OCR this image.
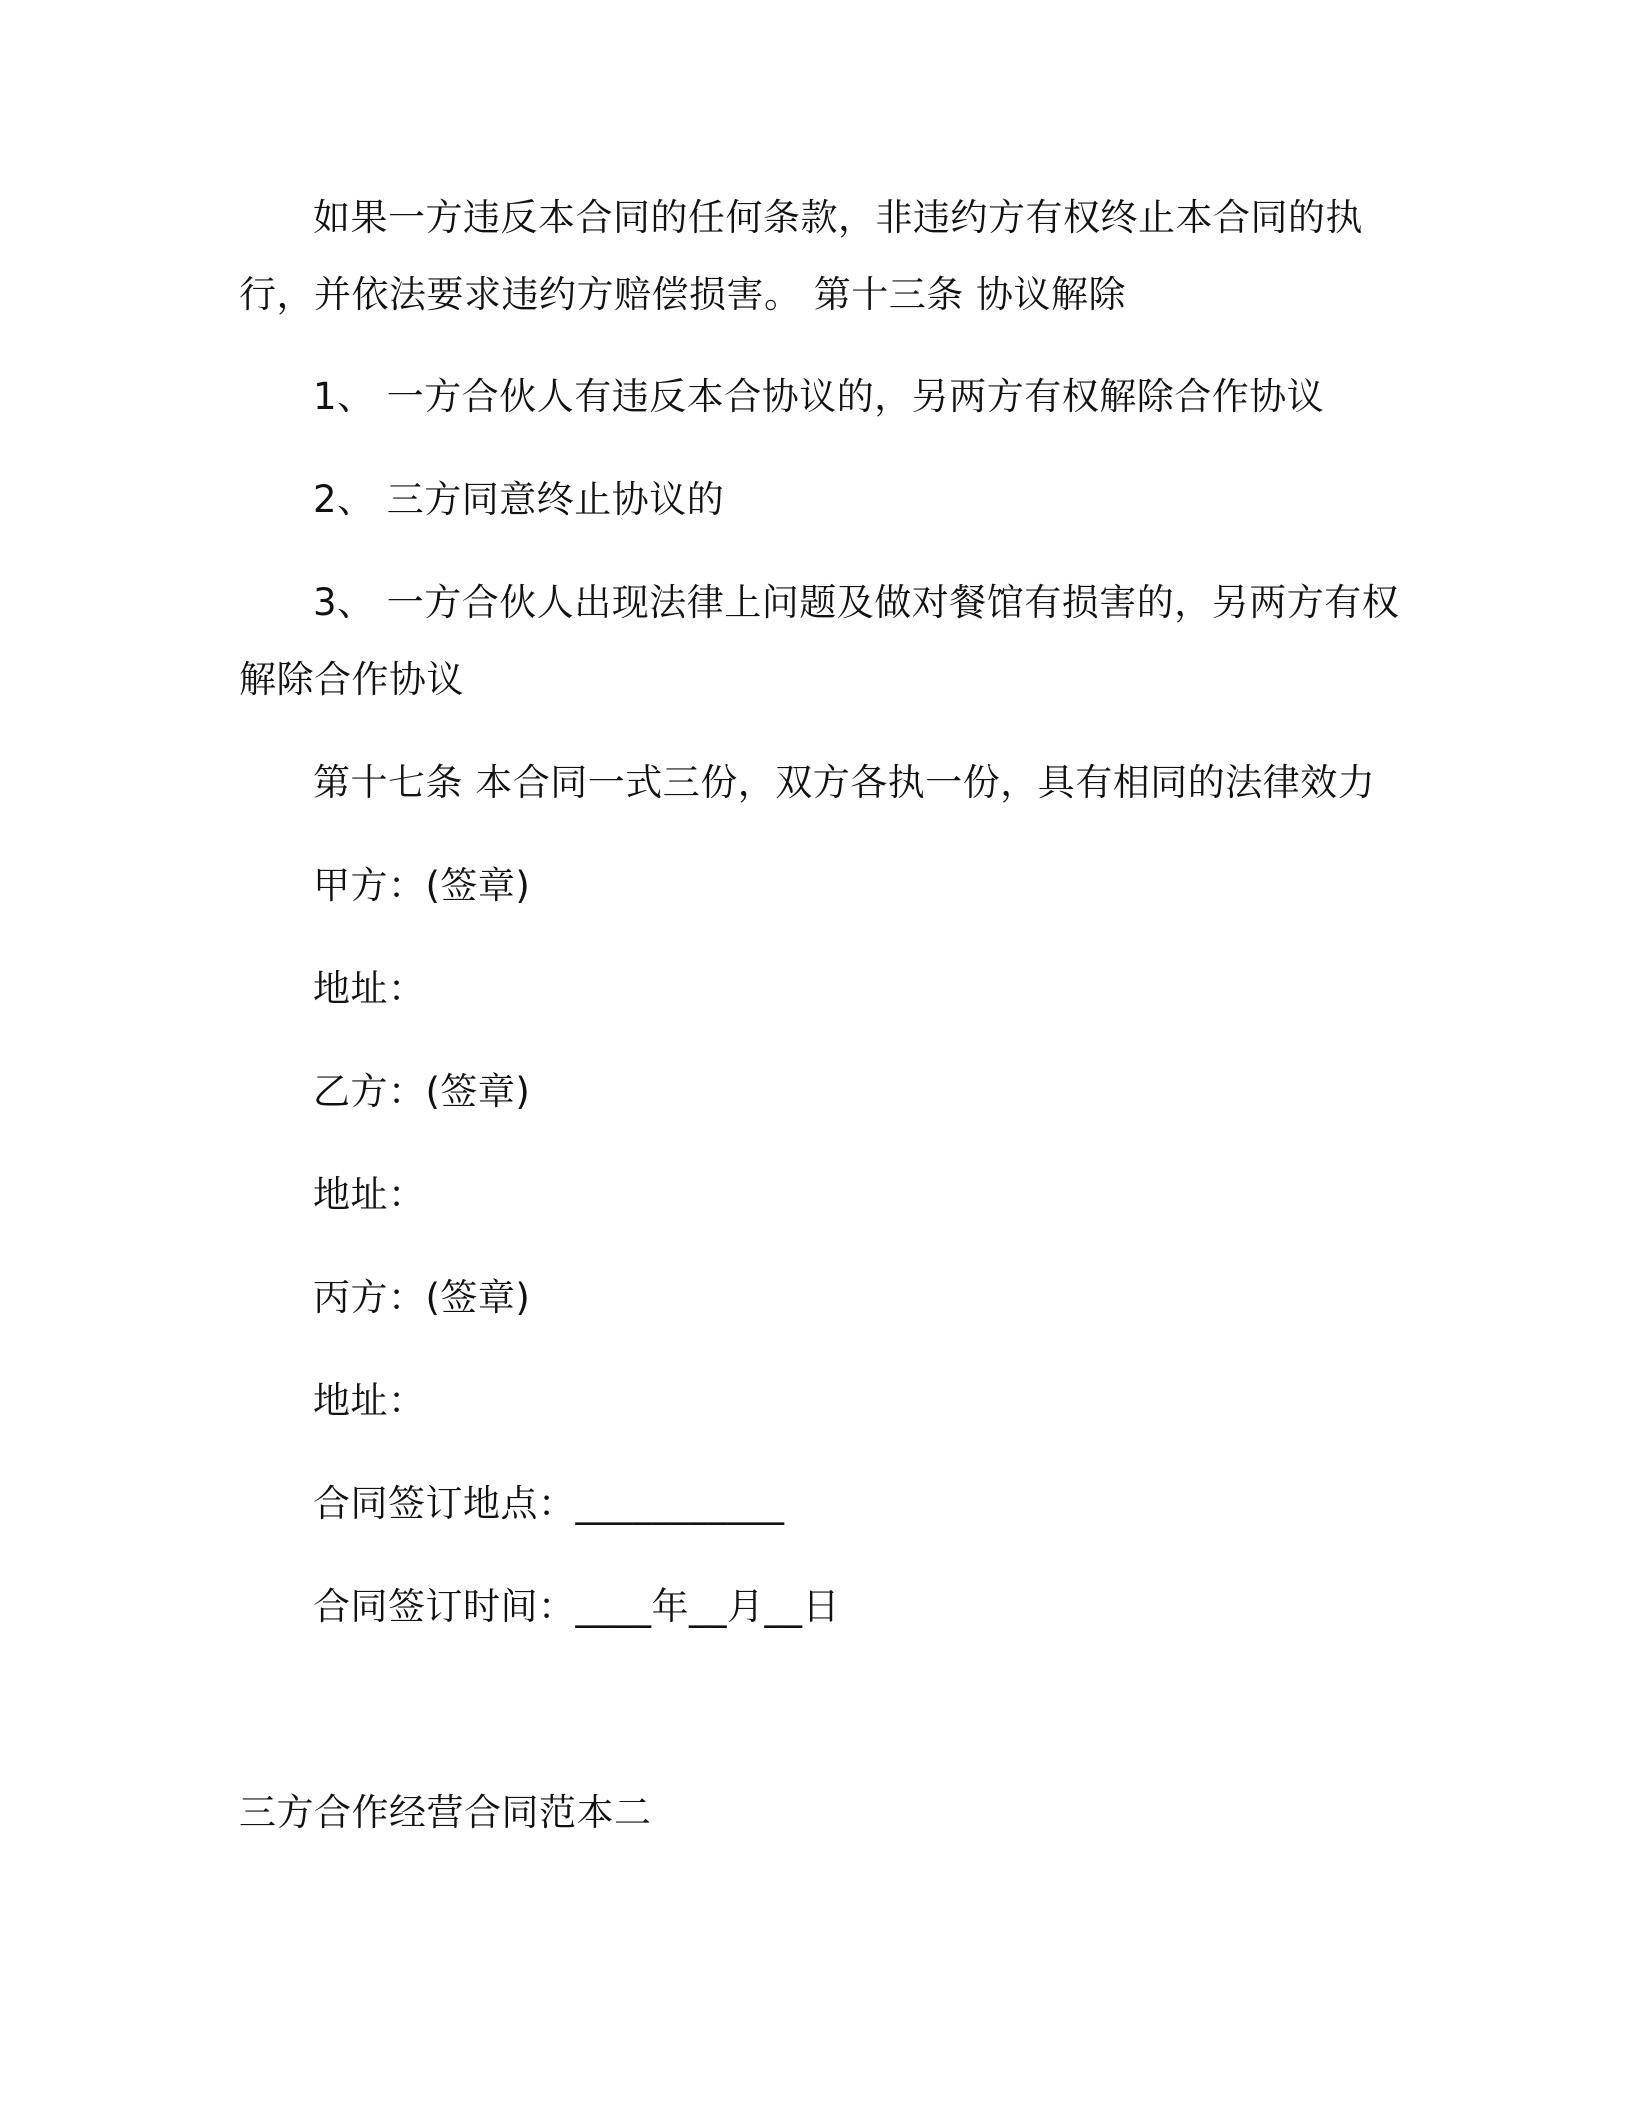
如果一方违反本合同的任何条款，非违约方有权终止本合同的执
行，并依法要求违约方赔偿损害。 第十三条 协议解除
1、 一方合伙人有违反本合协议的，另两方有权解除合作协议
2、 三方同意终止协议的
3、 一方合伙人出现法律上问题及做对餐馆有损害的，另两方有权
解除合作协议
第十七条 本合同一式三份，双方各执一份，具有相同的法律效力
甲方：(签章)
地址：
乙方：(签章)
地址：
丙方：(签章)
地址：
合同签订地点：___________
合同签订时间：____年__月__日
三方合作经营合同范本二
